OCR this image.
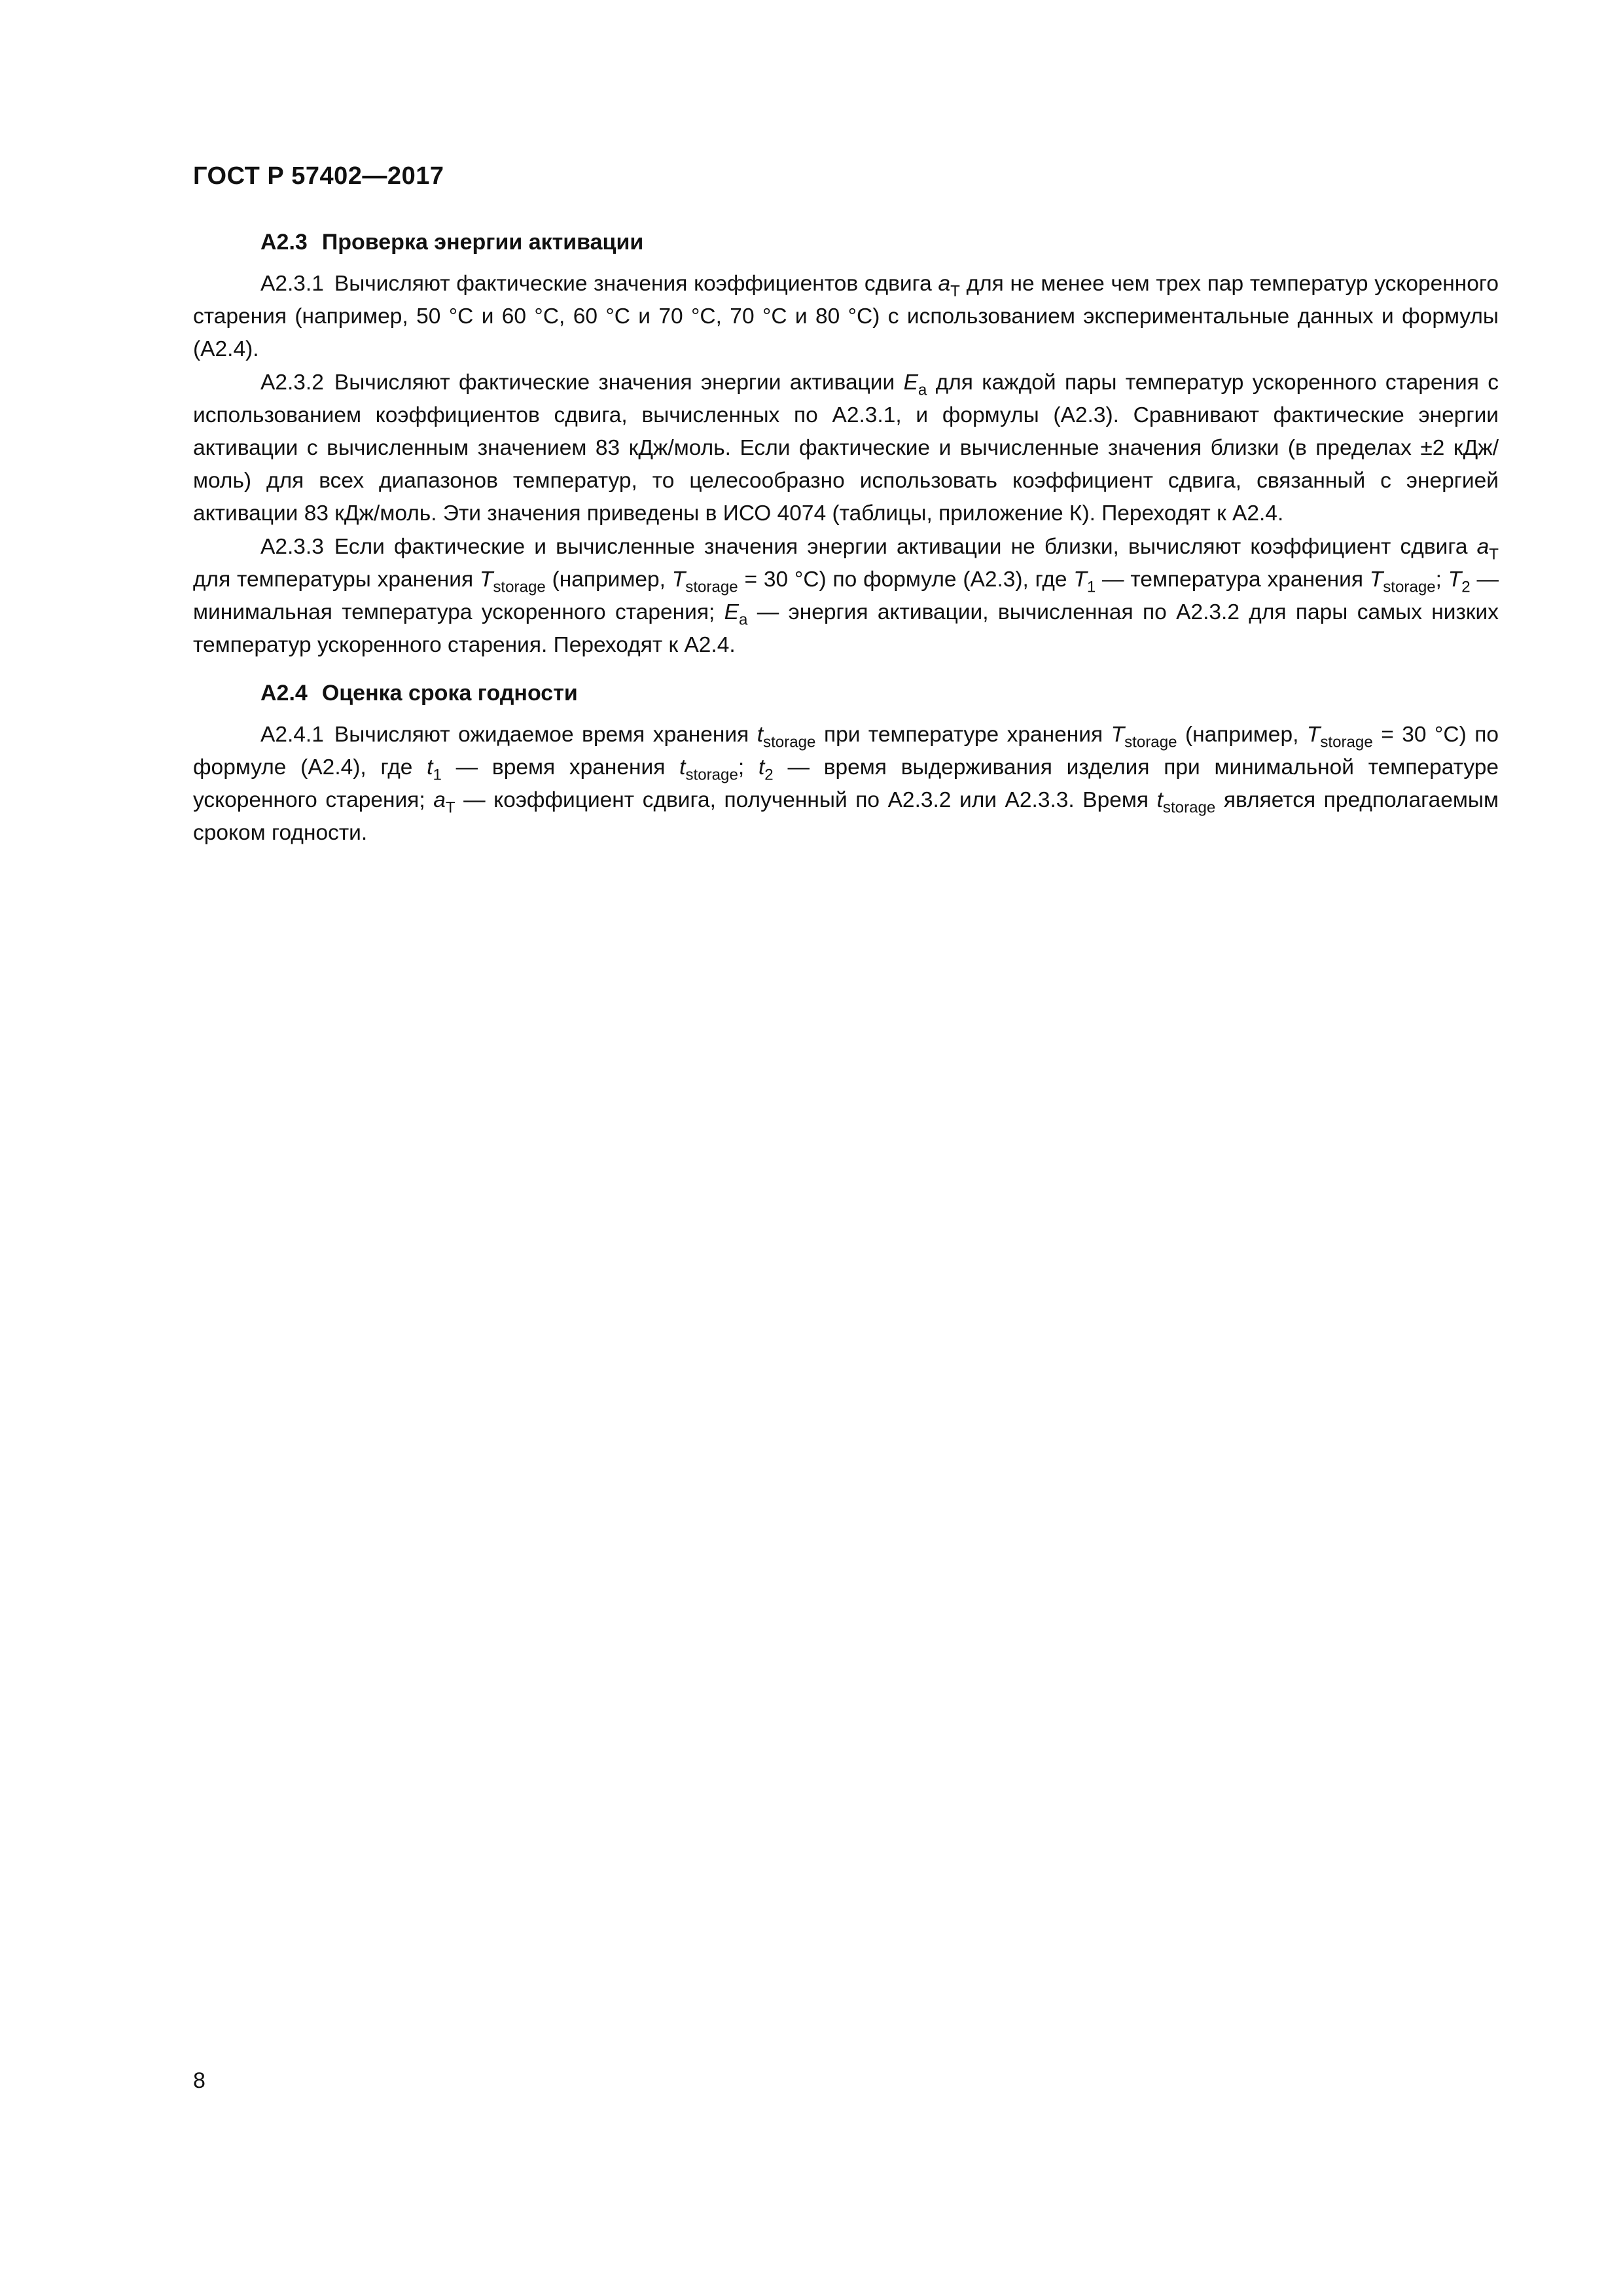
ГОСТ Р 57402—2017
А2.3 Проверка энергии активации
А2.3.1 Вычисляют фактические значения коэффициентов сдвига $a_T$ для не менее чем трех пар температур ускоренного старения (например, 50 °С и 60 °С, 60 °С и 70 °С, 70 °С и 80 °С) с использованием экспериментальные данных и формулы (А2.4).
А2.3.2 Вычисляют фактические значения энергии активации $E_a$ для каждой пары температур ускоренного старения с использованием коэффициентов сдвига, вычисленных по А2.3.1, и формулы (А2.3). Сравнивают фактические энергии активации с вычисленным значением 83 кДж/моль. Если фактические и вычисленные значения близки (в пределах ±2 кДж/моль) для всех диапазонов температур, то целесообразно использовать коэффициент сдвига, связанный с энергией активации 83 кДж/моль. Эти значения приведены в ИСО 4074 (таблицы, приложение К). Переходят к А2.4.
А2.3.3 Если фактические и вычисленные значения энергии активации не близки, вычисляют коэффициент сдвига $a_T$ для температуры хранения $T_{storage}$ (например, $T_{storage} = 30$ °С) по формуле (А2.3), где $T_1$ — температура хранения $T_{storage}$; $T_2$ — минимальная температура ускоренного старения; $E_a$ — энергия активации, вычисленная по А2.3.2 для пары самых низких температур ускоренного старения. Переходят к А2.4.
А2.4 Оценка срока годности
А2.4.1 Вычисляют ожидаемое время хранения $t_{storage}$ при температуре хранения $T_{storage}$ (например, $T_{storage} = 30$ °С) по формуле (А2.4), где $t_1$ — время хранения $t_{storage}$; $t_2$ — время выдерживания изделия при минимальной температуре ускоренного старения; $a_T$ — коэффициент сдвига, полученный по А2.3.2 или А2.3.3. Время $t_{storage}$ является предполагаемым сроком годности.
8
